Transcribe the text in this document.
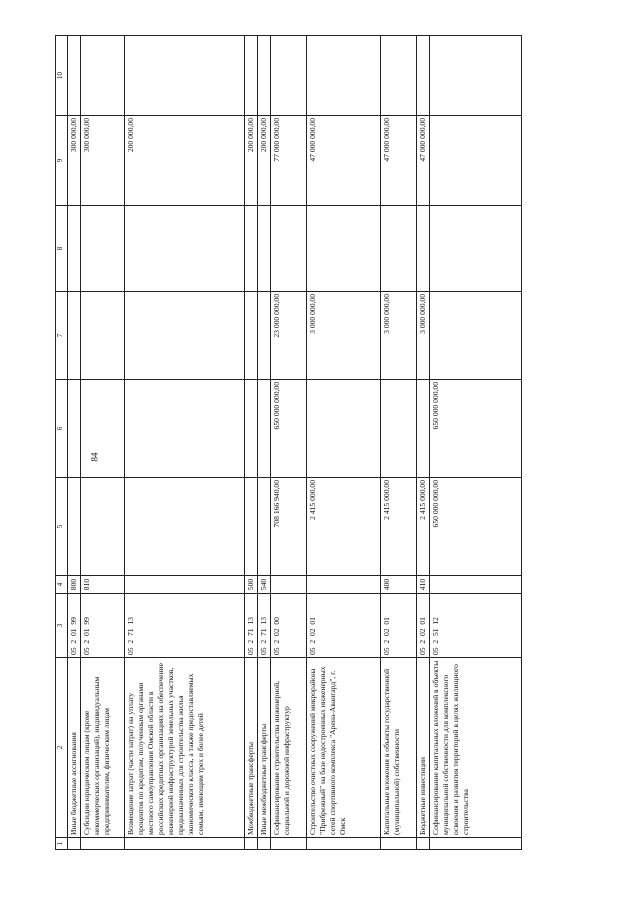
84
1	2	3	4	5	6	7	8	9	10
	Иные бюджетные ассигнования	05  2  01  99	800					300 000,00	
	Субсидии юридическим лицам (кроме некоммерческих организаций), индивидуальным предпринимателям, физическим лицам	05  2  01  99	810					300 000,00	
	Возмещение затрат (части затрат) на уплату процентов по кредитам, полученным органами местного самоуправления Омской области в российских кредитных организациях на обеспечение инженерной инфраструктурой земельных участков, предназначенных для строительства жилья экономического класса, а также предоставляемых семьям, имеющим трех и более детей	05  2  71  13						200 000,00	
	Межбюджетные трансферты	05  2  71  13	500					200 000,00	
	Иные межбюджетные трансферты	05  2  71  13	540					200 000,00	
	Софинансирование строительства инженерной, социальной и дорожной инфраструктур	05  2  02  00		708 166 940,00	650 000 000,00	23 000 000,00		77 000 000,00	
	Строительство очистных сооружений микрорайона "Прибрежный" на базе недостроенных инженерных сетей спортивного комплекса "Арена-Авангард", г. Омск	05  2  02  01		2 415 000,00		3 000 000,00		47 000 000,00	
	Капитальные вложения в объекты государственной (муниципальной) собственности	05  2  02  01	400	2 415 000,00		3 000 000,00		47 000 000,00	
	Бюджетные инвестиции	05  2  02  01	410	2 415 000,00		3 000 000,00		47 000 000,00	
	Софинансирование капитальных вложений в объекты муниципальной собственности для комплексного освоения и развития территорий в целях жилищного строительства	05  2  51  12		650 000 000,00	650 000 000,00				
